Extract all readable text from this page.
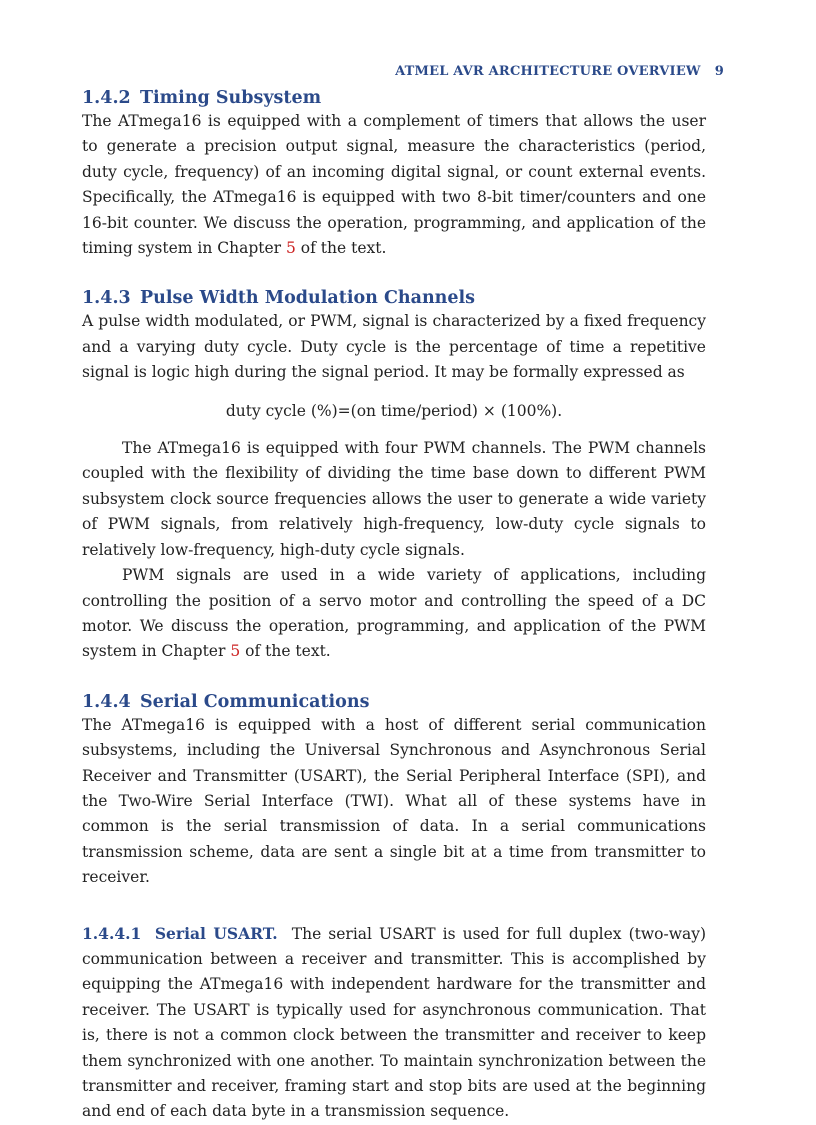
ATMEL AVR ARCHITECTURE OVERVIEW 9
1.4.2 Timing Subsystem

The ATmega16 is equipped with a complement of timers that allows the user to generate a precision output signal, measure the characteristics (period, duty cycle, frequency) of an incoming digital signal, or count external events. Specifically, the ATmega16 is equipped with two 8-bit timer/counters and one 16-bit counter. We discuss the operation, programming, and application of the timing system in Chapter 5 of the text.

1.4.3 Pulse Width Modulation Channels

A pulse width modulated, or PWM, signal is characterized by a fixed frequency and a varying duty cycle. Duty cycle is the percentage of time a repetitive signal is logic high during the signal period. It may be formally expressed as

duty cycle (%)=(on time/period) × (100%).

The ATmega16 is equipped with four PWM channels. The PWM channels coupled with the flexibility of dividing the time base down to different PWM subsystem clock source frequencies allows the user to generate a wide variety of PWM signals, from relatively high-frequency, low-duty cycle signals to relatively low-frequency, high-duty cycle signals.

PWM signals are used in a wide variety of applications, including controlling the position of a servo motor and controlling the speed of a DC motor. We discuss the operation, programming, and application of the PWM system in Chapter 5 of the text.

1.4.4 Serial Communications

The ATmega16 is equipped with a host of different serial communication subsystems, including the Universal Synchronous and Asynchronous Serial Receiver and Transmitter (USART), the Serial Peripheral Interface (SPI), and the Two-Wire Serial Interface (TWI). What all of these systems have in common is the serial transmission of data. In a serial communications transmission scheme, data are sent a single bit at a time from transmitter to receiver.

1.4.4.1 Serial USART. The serial USART is used for full duplex (two-way) communication between a receiver and transmitter. This is accomplished by equipping the ATmega16 with independent hardware for the transmitter and receiver. The USART is typically used for asynchronous communication. That is, there is not a common clock between the transmitter and receiver to keep them synchronized with one another. To maintain synchronization between the transmitter and receiver, framing start and stop bits are used at the beginning and end of each data byte in a transmission sequence.
